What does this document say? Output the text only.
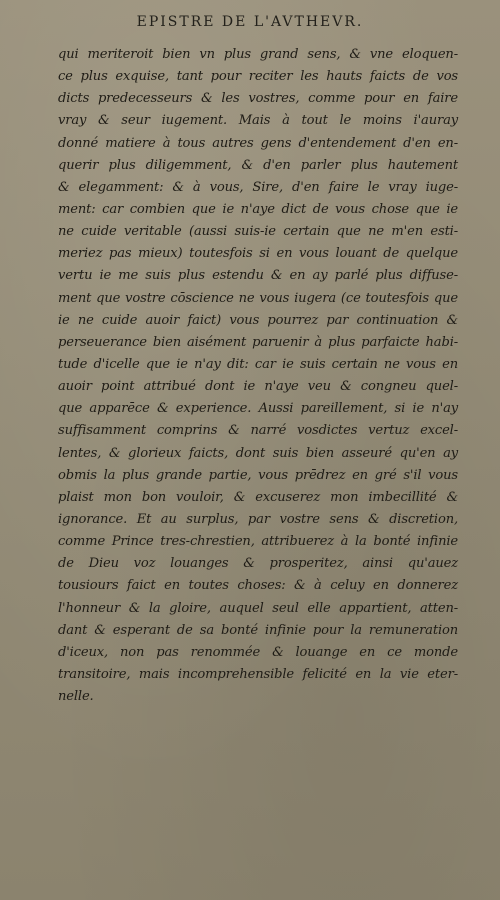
EPISTRE DE L'AVTHEVR.
qui meriteroit bien vn plus grand sens, & vne eloquen-
ce plus exquise, tant pour reciter les hauts faicts de vos
dicts predecesseurs & les vostres, comme pour en faire
vray & seur iugement. Mais à tout le moins i'auray
donné matiere à tous autres gens d'entendement d'en en-
querir plus diligemment, & d'en parler plus hautement
& elegamment: & à vous, Sire, d'en faire le vray iuge-
ment: car combien que ie n'aye dict de vous chose que ie
ne cuide veritable (aussi suis-ie certain que ne m'en esti-
meriez pas mieux) toutesfois si en vous louant de quelque
vertu ie me suis plus estendu & en ay parlé plus diffuse-
ment que vostre cōscience ne vous iugera (ce toutesfois que
ie ne cuide auoir faict) vous pourrez par continuation &
perseuerance bien aisément paruenir à plus parfaicte habi-
tude d'icelle que ie n'ay dit: car ie suis certain ne vous en
auoir point attribué dont ie n'aye veu & congneu quel-
que apparēce & experience. Aussi pareillement, si ie n'ay
suffisamment comprins & narré vosdictes vertuz excel-
lentes, & glorieux faicts, dont suis bien asseuré qu'en ay
obmis la plus grande partie, vous prēdrez en gré s'il vous
plaist mon bon vouloir, & excuserez mon imbecillité &
ignorance. Et au surplus, par vostre sens & discretion,
comme Prince tres-chrestien, attribuerez à la bonté infinie
de Dieu voz louanges & prosperitez, ainsi qu'auez
tousiours faict en toutes choses: & à celuy en donnerez
l'honneur & la gloire, auquel seul elle appartient, atten-
dant & esperant de sa bonté infinie pour la remuneration
d'iceux, non pas renommée & louange en ce monde
transitoire, mais incomprehensible felicité en la vie eter-
nelle.
